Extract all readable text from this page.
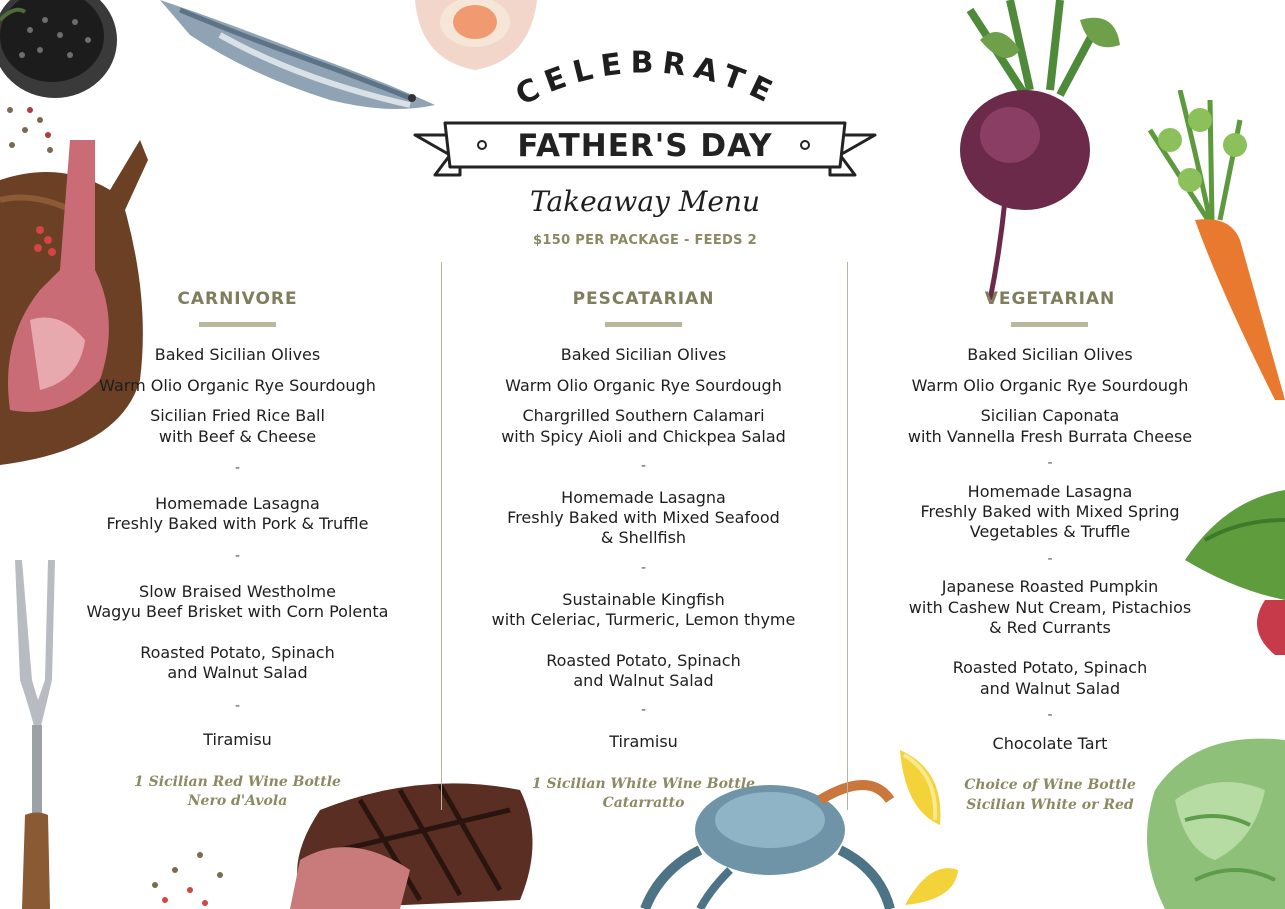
CELEBRATE
FATHER'S DAY
Takeaway Menu
$150 PER PACKAGE - FEEDS 2
CARNIVORE
Baked Sicilian Olives
Warm Olio Organic Rye Sourdough
Sicilian Fried Rice Ball
with Beef & Cheese
-
Homemade Lasagna
Freshly Baked with Pork & Truffle
-
Slow Braised Westholme
Wagyu Beef Brisket with Corn Polenta
Roasted Potato, Spinach
and Walnut Salad
-
Tiramisu
1 Sicilian Red Wine Bottle
Nero d'Avola
PESCATARIAN
Baked Sicilian Olives
Warm Olio Organic Rye Sourdough
Chargrilled Southern Calamari
with Spicy Aioli and Chickpea Salad
-
Homemade Lasagna
Freshly Baked with Mixed Seafood
& Shellfish
-
Sustainable Kingfish
with Celeriac, Turmeric, Lemon thyme
Roasted Potato, Spinach
and Walnut Salad
-
Tiramisu
1 Sicilian White Wine Bottle
Catarratto
VEGETARIAN
Baked Sicilian Olives
Warm Olio Organic Rye Sourdough
Sicilian Caponata
with Vannella Fresh Burrata Cheese
-
Homemade Lasagna
Freshly Baked with Mixed Spring
Vegetables & Truffle
-
Japanese Roasted Pumpkin
with Cashew Nut Cream, Pistachios
& Red Currants
Roasted Potato, Spinach
and Walnut Salad
-
Chocolate Tart
Choice of Wine Bottle
Sicilian White or Red
